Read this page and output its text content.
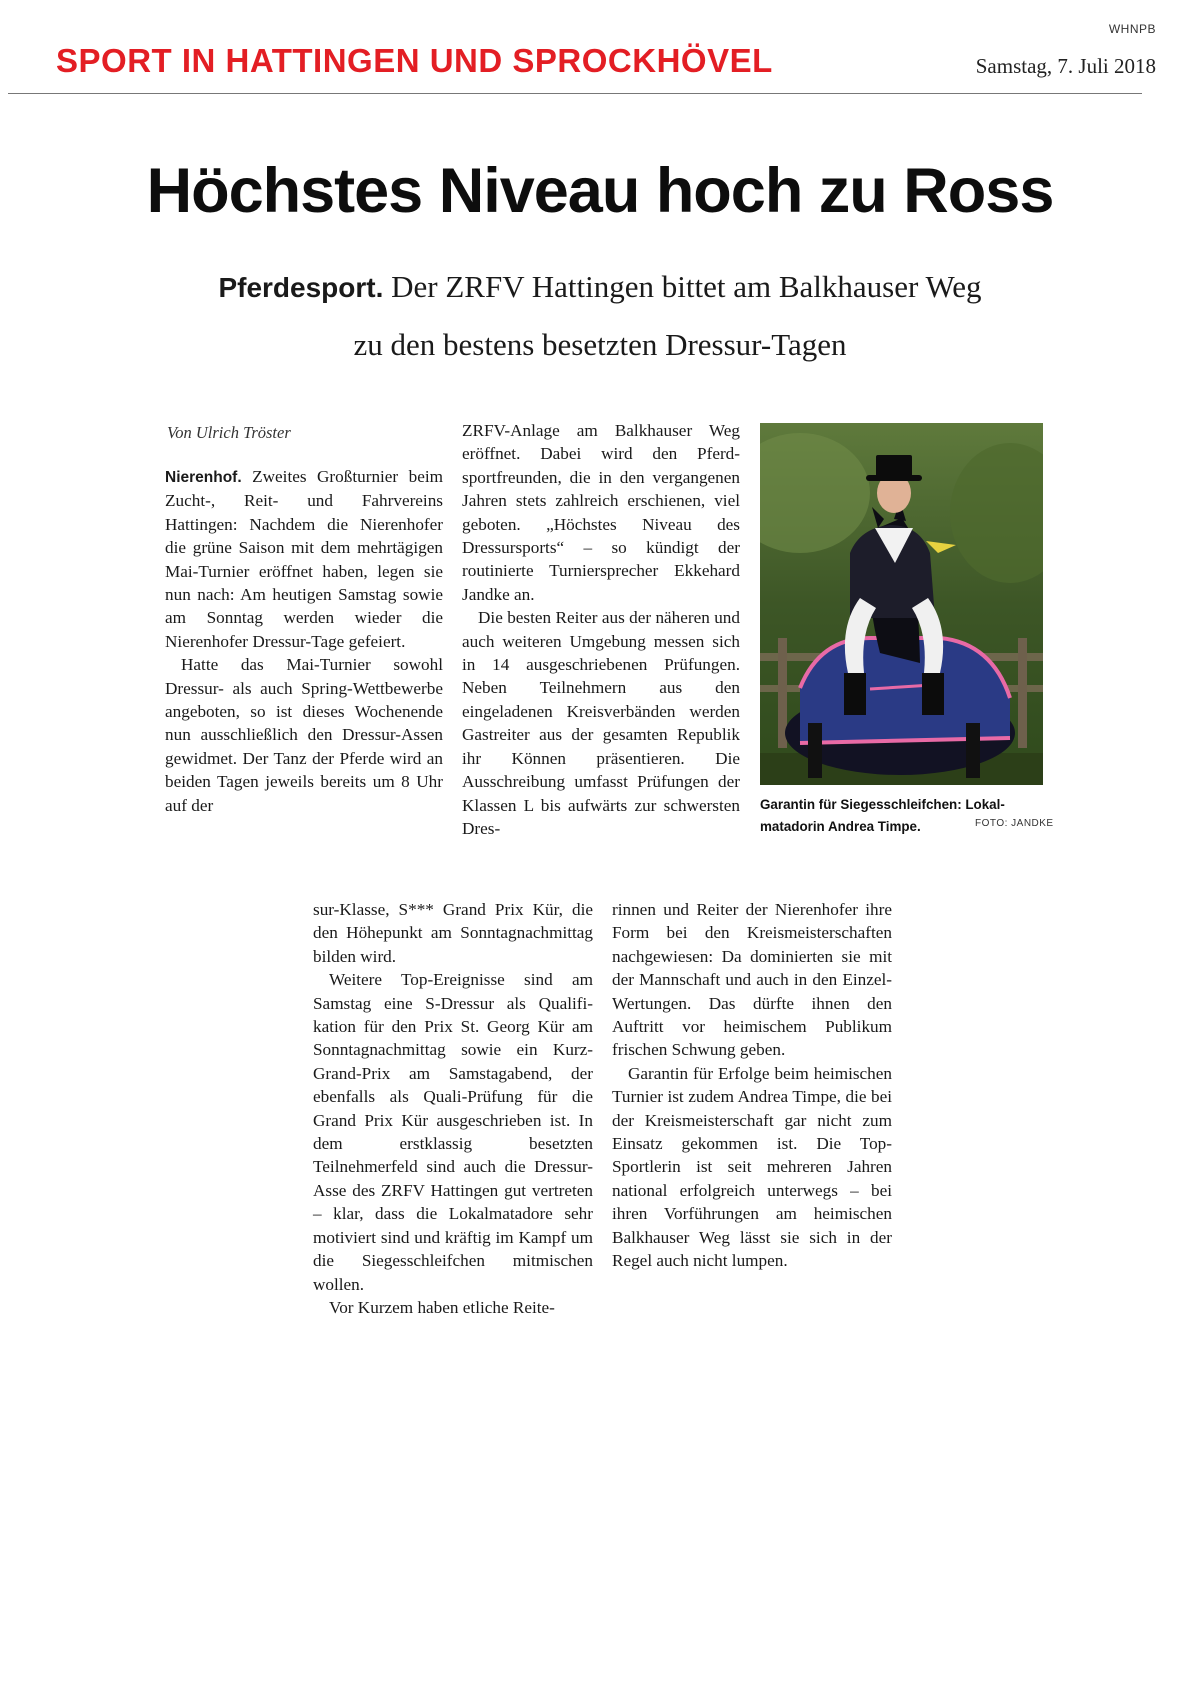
WHNPB
SPORT IN HATTINGEN UND SPROCKHÖVEL	Samstag, 7. Juli 2018
Höchstes Niveau hoch zu Ross
Pferdesport. Der ZRFV Hattingen bittet am Balkhauser Weg
zu den bestens besetzten Dressur-Tagen
Von Ulrich Tröster

Nierenhof. Zweites Großturnier beim Zucht-, Reit- und Fahrvereins Hattingen: Nachdem die Nierenhofer die grüne Saison mit dem mehrtägigen Mai-Turnier eröffnet haben, legen sie nun nach: Am heutigen Samstag sowie am Sonntag werden wieder die Nierenhofer Dressur-Tage gefeiert.

Hatte das Mai-Turnier sowohl Dressur- als auch Spring-Wettbewerbe angeboten, so ist dieses Wochenende nun ausschließlich den Dressur-Assen gewidmet. Der Tanz der Pferde wird an beiden Tagen jeweils bereits um 8 Uhr auf der

ZRFV-Anlage am Balkhauser Weg eröffnet. Dabei wird den Pferdsportfreunden, die in den vergangenen Jahren stets zahlreich erschienen, viel geboten. „Höchstes Niveau des Dressursports“ – so kündigt der routinierte Turniersprecher Ekkehard Jandke an.

Die besten Reiter aus der näheren und auch weiteren Umgebung messen sich in 14 ausgeschriebenen Prüfungen. Neben Teilnehmern aus den eingeladenen Kreisverbänden werden Gastreiter aus der gesamten Republik ihr Können präsentieren. Die Ausschreibung umfasst Prüfungen der Klassen L bis aufwärts zur schwersten Dres-

Garantin für Siegesschleifchen: Lokalmatadorin Andrea Timpe.	FOTO: JANDKE

sur-Klasse, S*** Grand Prix Kür, die den Höhepunkt am Sonntagnachmittag bilden wird.

Weitere Top-Ereignisse sind am Samstag eine S-Dressur als Qualifikation für den Prix St. Georg Kür am Sonntagnachmittag sowie ein Kurz-Grand-Prix am Samstagabend, der ebenfalls als Quali-Prüfung für die Grand Prix Kür ausgeschrieben ist. In dem erstklassig besetzten Teilnehmerfeld sind auch die Dressur-Asse des ZRFV Hattingen gut vertreten – klar, dass die Lokalmatadore sehr motiviert sind und kräftig im Kampf um die Siegesschleifchen mitmischen wollen.

Vor Kurzem haben etliche Reite-

rinnen und Reiter der Nierenhofer ihre Form bei den Kreismeisterschaften nachgewiesen: Da dominierten sie mit der Mannschaft und auch in den Einzel-Wertungen. Das dürfte ihnen den Auftritt vor heimischem Publikum frischen Schwung geben.

Garantin für Erfolge beim heimischen Turnier ist zudem Andrea Timpe, die bei der Kreismeisterschaft gar nicht zum Einsatz gekommen ist. Die Top-Sportlerin ist seit mehreren Jahren national erfolgreich unterwegs – bei ihren Vorführungen am heimischen Balkhauser Weg lässt sie sich in der Regel auch nicht lumpen.
